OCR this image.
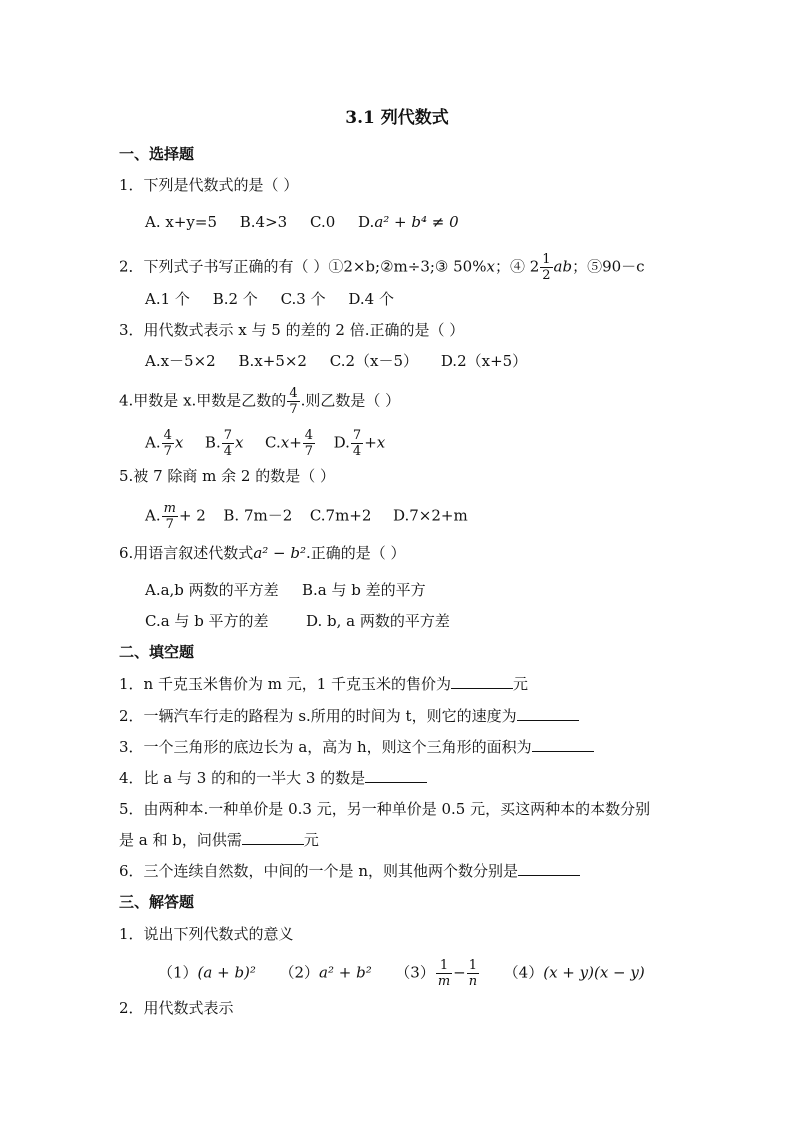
3.1 列代数式
一、选择题
1．下列是代数式的是（ ）
A. x+y=5 B.4>3 C.0 D.a² + b⁴ ≠ 0
2．下列式子书写正确的有（ ）①2×b;②m÷3;③ 50%x；④ $2 \frac{1}{2}$ ab；⑤90－c
A.1 个 B.2 个 C.3 个 D.4 个
3．用代数式表示 x 与 5 的差的 2 倍.正确的是（ ）
A.x－5×2 B.x+5×2 C.2（x－5） D.2（x+5）
4.甲数是 x.甲数是乙数的 $\frac{4}{7}$ .则乙数是（ ）
A. $\frac{4}{7}$ x B. $\frac{7}{4}$ x $C.x+ \frac{4}{7} D$. $\frac{7}{4} +x$
5.被 7 除商 m 余 2 的数是（ ）
A. $\frac{m}{7} + 2$ B. 7m－2 C.7m+2 D.7×2+m
6.用语言叙述代数式a² − b².正确的是（ ）
A.a,b 两数的平方差 B.a 与 b 差的平方
C.a 与 b 平方的差 D. b, a 两数的平方差
二、填空题
1．n 千克玉米售价为 m 元，1 千克玉米的售价为	元
2．一辆汽车行走的路程为 s.所用的时间为 t，则它的速度为
3．一个三角形的底边长为 a，高为 h，则这个三角形的面积为
4．比 a 与 3 的和的一半大 3 的数是
5．由两种本.一种单价是 0.3 元，另一种单价是 0.5 元，买这两种本的本数分别
是 a 和 b，问供需	元
6．三个连续自然数，中间的一个是 n，则其他两个数分别是
三、解答题
1．说出下列代数式的意义
（1）(a + b)² （2）a² + b² $(3) \frac{1}{m} - \frac{1}{n} (4)(x + y)(x - y)$
2．用代数式表示
